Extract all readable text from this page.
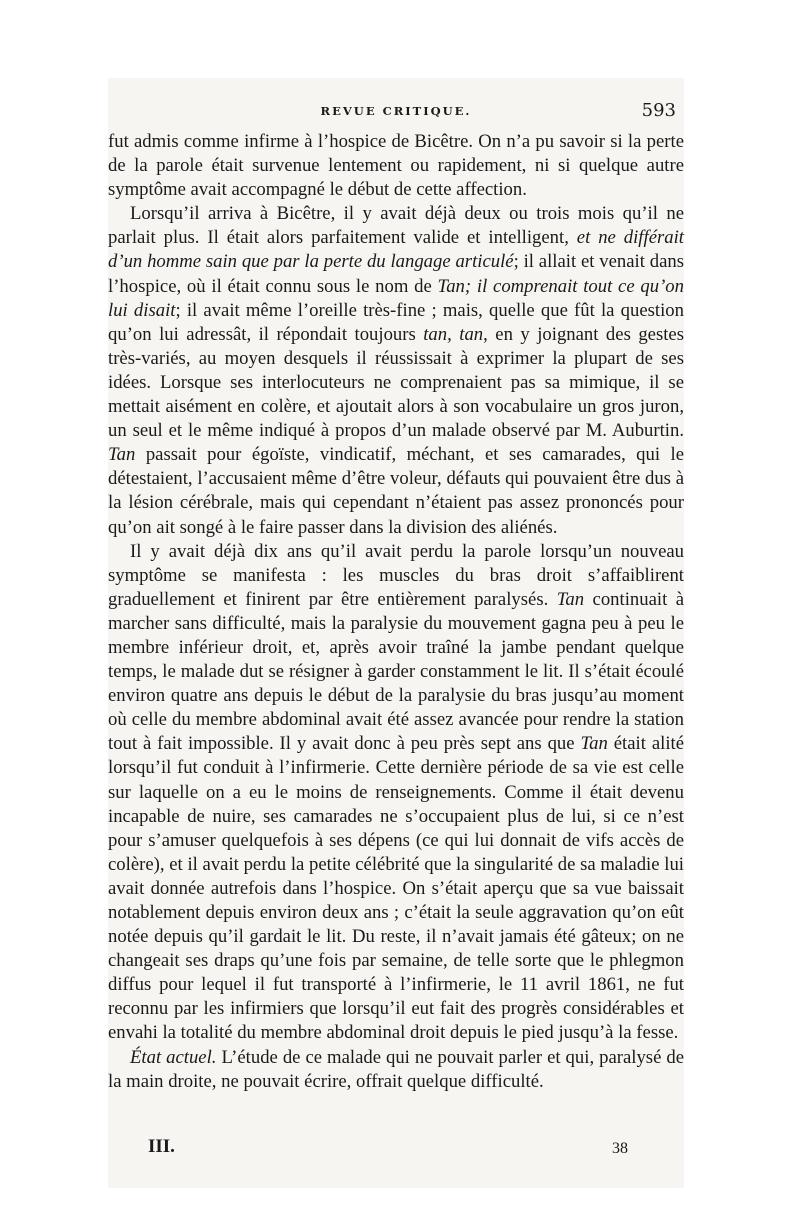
REVUE CRITIQUE.	593

fut admis comme infirme à l’hospice de Bicêtre. On n’a pu savoir si la perte de la parole était survenue lentement ou rapidement, ni si quelque autre symptôme avait accompagné le début de cette affection.

Lorsqu’il arriva à Bicêtre, il y avait déjà deux ou trois mois qu’il ne parlait plus. Il était alors parfaitement valide et intelligent, et ne différait d’un homme sain que par la perte du langage articulé; il allait et venait dans l’hospice, où il était connu sous le nom de Tan; il comprenait tout ce qu’on lui disait; il avait même l’oreille très-fine ; mais, quelle que fût la question qu’on lui adressât, il répondait toujours tan, tan, en y joignant des gestes très-variés, au moyen desquels il réussissait à exprimer la plupart de ses idées. Lorsque ses interlocuteurs ne comprenaient pas sa mimique, il se mettait aisément en colère, et ajoutait alors à son vocabulaire un gros juron, un seul et le même indiqué à propos d’un malade observé par M. Auburtin. Tan passait pour égoïste, vindicatif, méchant, et ses camarades, qui le détestaient, l’accusaient même d’être voleur, défauts qui pouvaient être dus à la lésion cérébrale, mais qui cependant n’étaient pas assez prononcés pour qu’on ait songé à le faire passer dans la division des aliénés.

Il y avait déjà dix ans qu’il avait perdu la parole lorsqu’un nouveau symptôme se manifesta : les muscles du bras droit s’affaiblirent graduellement et finirent par être entièrement paralysés. Tan continuait à marcher sans difficulté, mais la paralysie du mouvement gagna peu à peu le membre inférieur droit, et, après avoir traîné la jambe pendant quelque temps, le malade dut se résigner à garder constamment le lit. Il s’était écoulé environ quatre ans depuis le début de la paralysie du bras jusqu’au moment où celle du membre abdominal avait été assez avancée pour rendre la station tout à fait impossible. Il y avait donc à peu près sept ans que Tan était alité lorsqu’il fut conduit à l’infirmerie. Cette dernière période de sa vie est celle sur laquelle on a eu le moins de renseignements. Comme il était devenu incapable de nuire, ses camarades ne s’occupaient plus de lui, si ce n’est pour s’amuser quelquefois à ses dépens (ce qui lui donnait de vifs accès de colère), et il avait perdu la petite célébrité que la singularité de sa maladie lui avait donnée autrefois dans l’hospice. On s’était aperçu que sa vue baissait notablement depuis environ deux ans ; c’était la seule aggravation qu’on eût notée depuis qu’il gardait le lit. Du reste, il n’avait jamais été gâteux; on ne changeait ses draps qu’une fois par semaine, de telle sorte que le phlegmon diffus pour lequel il fut transporté à l’infirmerie, le 11 avril 1861, ne fut reconnu par les infirmiers que lorsqu’il eut fait des progrès considérables et envahi la totalité du membre abdominal droit depuis le pied jusqu’à la fesse.

État actuel. L’étude de ce malade qui ne pouvait parler et qui, paralysé de la main droite, ne pouvait écrire, offrait quelque difficulté.

III.	38
